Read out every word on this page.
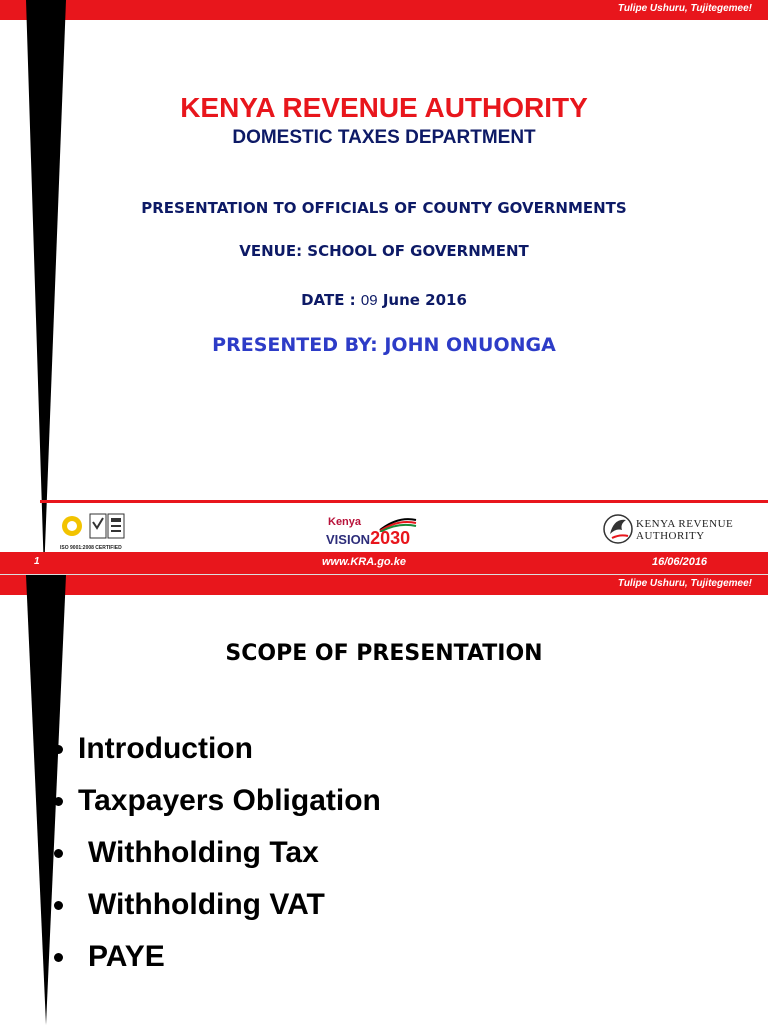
Tulipe Ushuru, Tujitegemee!
KENYA REVENUE AUTHORITY
DOMESTIC TAXES DEPARTMENT
PRESENTATION TO OFFICIALS OF COUNTY GOVERNMENTS
VENUE: SCHOOL OF GOVERNMENT
DATE : 09 June 2016
PRESENTED BY: JOHN ONUONGA
ISO 9001:2008 CERTIFIED
Kenya
VISION2030
KENYA REVENUE
AUTHORITY
1	www.KRA.go.ke	16/06/2016
Tulipe Ushuru, Tujitegemee!
SCOPE OF PRESENTATION
Introduction
Taxpayers Obligation
Withholding Tax
Withholding VAT
PAYE
